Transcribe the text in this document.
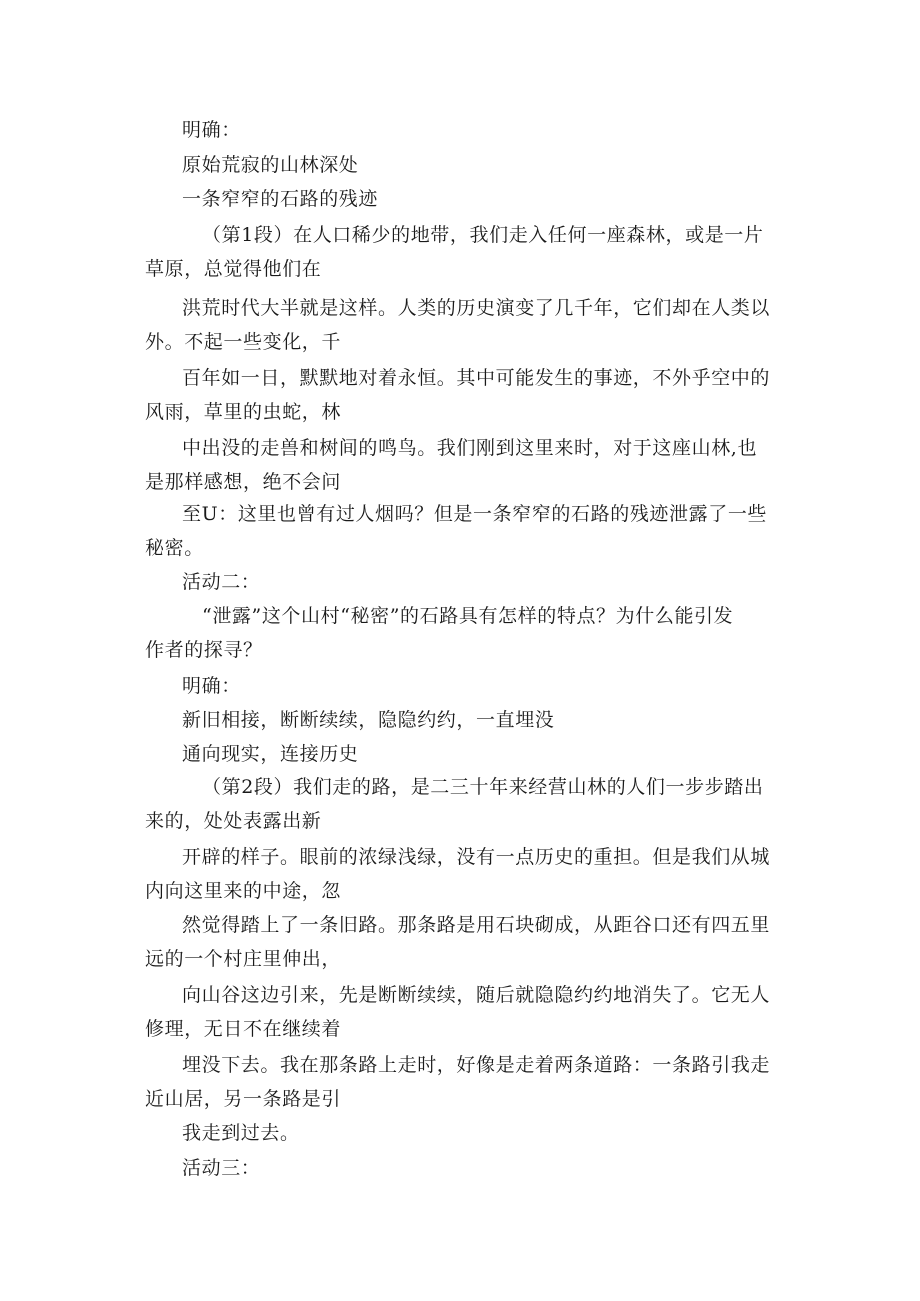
明确：
原始荒寂的山林深处
一条窄窄的石路的残迹
（第1段）在人口稀少的地带，我们走入任何一座森林，或是一片
草原，总觉得他们在
洪荒时代大半就是这样。人类的历史演变了几千年，它们却在人类以
外。不起一些变化，千
百年如一日，默默地对着永恒。其中可能发生的事迹，不外乎空中的
风雨，草里的虫蛇，林
中出没的走兽和树间的鸣鸟。我们刚到这里来时，对于这座山林,也
是那样感想，绝不会问
至U：这里也曾有过人烟吗？但是一条窄窄的石路的残迹泄露了一些
秘密。
活动二：
“泄露”这个山村“秘密”的石路具有怎样的特点？为什么能引发
作者的探寻？
明确：
新旧相接，断断续续，隐隐约约，一直埋没
通向现实，连接历史
（第2段）我们走的路，是二三十年来经营山林的人们一步步踏出
来的，处处表露出新
开辟的样子。眼前的浓绿浅绿，没有一点历史的重担。但是我们从城
内向这里来的中途，忽
然觉得踏上了一条旧路。那条路是用石块砌成，从距谷口还有四五里
远的一个村庄里伸出，
向山谷这边引来，先是断断续续，随后就隐隐约约地消失了。它无人
修理，无日不在继续着
埋没下去。我在那条路上走时，好像是走着两条道路：一条路引我走
近山居，另一条路是引
我走到过去。
活动三：
